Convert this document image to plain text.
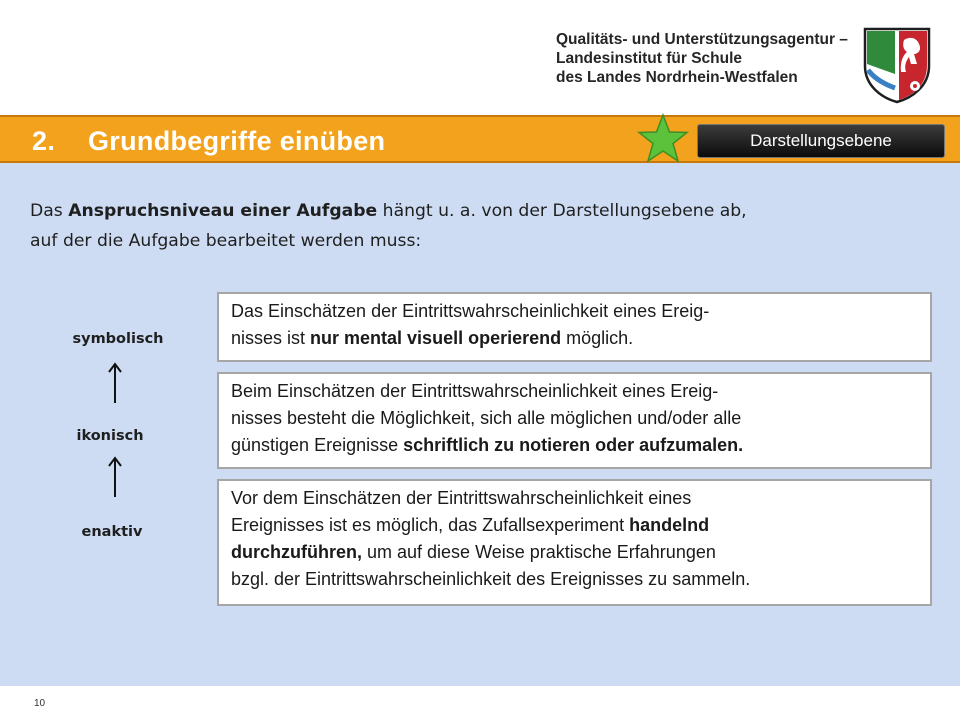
Qualitäts- und Unterstützungsagentur –
Landesinstitut für Schule
des Landes Nordrhein-Westfalen
2. Grundbegriffe einüben	Darstellungsebene
Das Anspruchsniveau einer Aufgabe hängt u. a. von der Darstellungsebene ab,
auf der die Aufgabe bearbeitet werden muss:
symbolisch
ikonisch
enaktiv
Das Einschätzen der Eintrittswahrscheinlichkeit eines Ereig-
nisses ist nur mental visuell operierend möglich.
Beim Einschätzen der Eintrittswahrscheinlichkeit eines Ereig-
nisses besteht die Möglichkeit, sich alle möglichen und/oder alle
günstigen Ereignisse schriftlich zu notieren oder aufzumalen.
Vor dem Einschätzen der Eintrittswahrscheinlichkeit eines
Ereignisses ist es möglich, das Zufallsexperiment handelnd
durchzuführen, um auf diese Weise praktische Erfahrungen
bzgl. der Eintrittswahrscheinlichkeit des Ereignisses zu sammeln.
10
